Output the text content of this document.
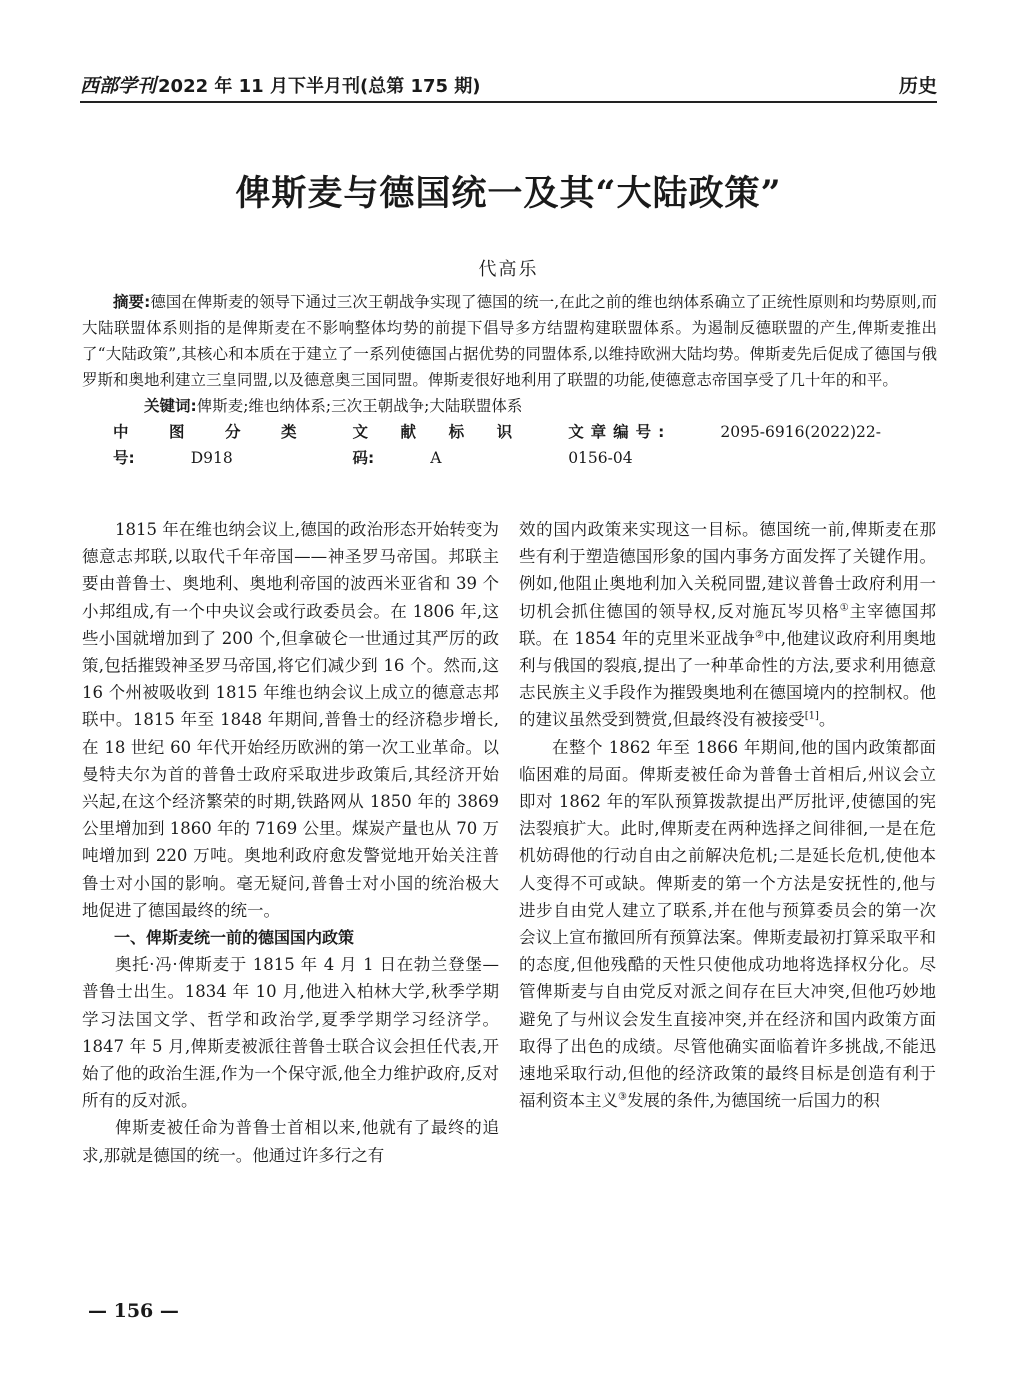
西部学刊 2022 年 11 月下半月刊(总第 175 期)	历史
俾斯麦与德国统一及其“大陆政策”
代高乐

摘要:德国在俾斯麦的领导下通过三次王朝战争实现了德国的统一,在此之前的维也纳体系确立了正统性原则和均势原则,而大陆联盟体系则指的是俾斯麦在不影响整体均势的前提下倡导多方结盟构建联盟体系。为遏制反德联盟的产生,俾斯麦推出了“大陆政策”,其核心和本质在于建立了一系列使德国占据优势的同盟体系,以维持欧洲大陆均势。俾斯麦先后促成了德国与俄罗斯和奥地利建立三皇同盟,以及德意奥三国同盟。俾斯麦很好地利用了联盟的功能,使德意志帝国享受了几十年的和平。

关键词:俾斯麦;维也纳体系;三次王朝战争;大陆联盟体系

中图分类号:	D918
文献标识码:	A
文章编号:	2095-6916(2022)22-0156-04

1815 年在维也纳会议上,德国的政治形态开始转变为德意志邦联,以取代千年帝国——神圣罗马帝国。邦联主要由普鲁士、奥地利、奥地利帝国的波西米亚省和 39 个小邦组成,有一个中央议会或行政委员会。在 1806 年,这些小国就增加到了 200 个,但拿破仑一世通过其严厉的政策,包括摧毁神圣罗马帝国,将它们减少到 16 个。然而,这 16 个州被吸收到 1815 年维也纳会议上成立的德意志邦联中。1815 年至 1848 年期间,普鲁士的经济稳步增长,在 18 世纪 60 年代开始经历欧洲的第一次工业革命。以曼特夫尔为首的普鲁士政府采取进步政策后,其经济开始兴起,在这个经济繁荣的时期,铁路网从 1850 年的 3869 公里增加到 1860 年的 7169 公里。煤炭产量也从 70 万吨增加到 220 万吨。奥地利政府愈发警觉地开始关注普鲁士对小国的影响。毫无疑问,普鲁士对小国的统治极大地促进了德国最终的统一。

一、俾斯麦统一前的德国国内政策

奥托·冯·俾斯麦于 1815 年 4 月 1 日在勃兰登堡—普鲁士出生。1834 年 10 月,他进入柏林大学,秋季学期学习法国文学、哲学和政治学,夏季学期学习经济学。1847 年 5 月,俾斯麦被派往普鲁士联合议会担任代表,开始了他的政治生涯,作为一个保守派,他全力维护政府,反对所有的反对派。

俾斯麦被任命为普鲁士首相以来,他就有了最终的追求,那就是德国的统一。他通过许多行之有

效的国内政策来实现这一目标。德国统一前,俾斯麦在那些有利于塑造德国形象的国内事务方面发挥了关键作用。例如,他阻止奥地利加入关税同盟,建议普鲁士政府利用一切机会抓住德国的领导权,反对施瓦岑贝格①主宰德国邦联。在 1854 年的克里米亚战争②中,他建议政府利用奥地利与俄国的裂痕,提出了一种革命性的方法,要求利用德意志民族主义手段作为摧毁奥地利在德国境内的控制权。他的建议虽然受到赞赏,但最终没有被接受[1]。

在整个 1862 年至 1866 年期间,他的国内政策都面临困难的局面。俾斯麦被任命为普鲁士首相后,州议会立即对 1862 年的军队预算拨款提出严厉批评,使德国的宪法裂痕扩大。此时,俾斯麦在两种选择之间徘徊,一是在危机妨碍他的行动自由之前解决危机;二是延长危机,使他本人变得不可或缺。俾斯麦的第一个方法是安抚性的,他与进步自由党人建立了联系,并在他与预算委员会的第一次会议上宣布撤回所有预算法案。俾斯麦最初打算采取平和的态度,但他残酷的天性只使他成功地将选择权分化。尽管俾斯麦与自由党反对派之间存在巨大冲突,但他巧妙地避免了与州议会发生直接冲突,并在经济和国内政策方面取得了出色的成绩。尽管他确实面临着许多挑战,不能迅速地采取行动,但他的经济政策的最终目标是创造有利于福利资本主义③发展的条件,为德国统一后国力的积

— 156 —
